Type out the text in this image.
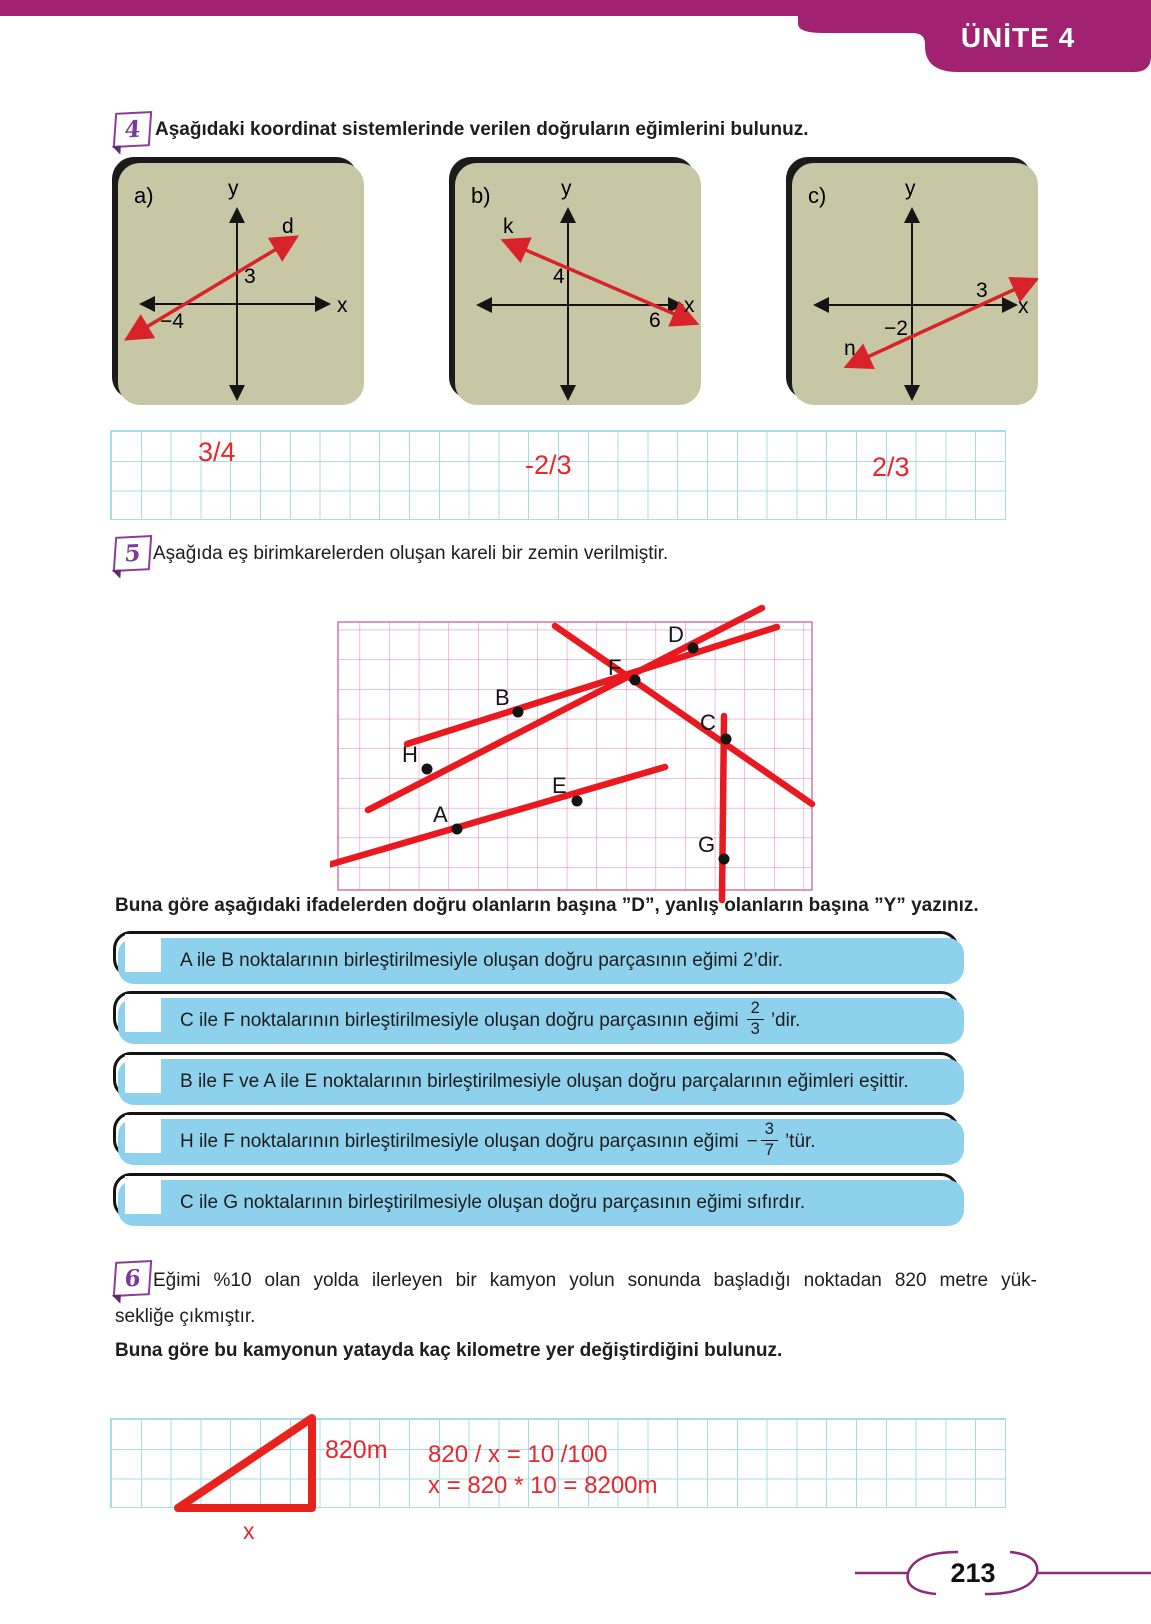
ÜNİTE 4
4 Aşağıdaki koordinat sistemlerinde verilen doğruların eğimlerini bulunuz.
a)	y
x
d
3
−4
b)	y
x
k
4
6
c)	y
x
n
−2
3
3/4	-2/3	2/3
5 Aşağıda eş birimkarelerden oluşan kareli bir zemin verilmiştir.
A
B
C
D
E
F
G
H
Buna göre aşağıdaki ifadelerden doğru olanların başına ”D”, yanlış olanların başına ”Y” yazınız.
A ile B noktalarının birleştirilmesiyle oluşan doğru parçasının eğimi 2’dir.
C ile F noktalarının birleştirilmesiyle oluşan doğru parçasının eğimi $\frac{2}{3}$ ’dir.
B ile F ve A ile E noktalarının birleştirilmesiyle oluşan doğru parçalarının eğimleri eşittir.
H ile F noktalarının birleştirilmesiyle oluşan doğru parçasının eğimi − $\frac{3}{7}$ ’tür.
C ile G noktalarının birleştirilmesiyle oluşan doğru parçasının eğimi sıfırdır.
6 Eğimi %10 olan yolda ilerleyen bir kamyon yolun sonunda başladığı noktadan 820 metre yük-
sekliğe çıkmıştır.
Buna göre bu kamyonun yatayda kaç kilometre yer değiştirdiğini bulunuz.
820m 820 / x = 10 /100
x = 820 * 10 = 8200m
x
213
